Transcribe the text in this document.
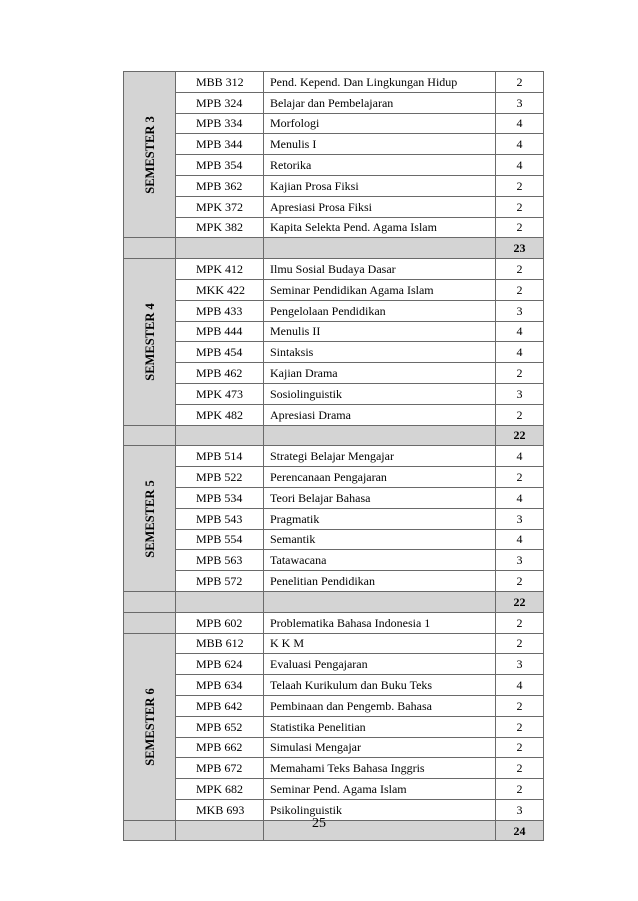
SEMESTER 3	MBB 312	Pend. Kepend. Dan Lingkungan Hidup	2
	MPB 324	Belajar dan Pembelajaran	3
	MPB 334	Morfologi	4
	MPB 344	Menulis I	4
	MPB 354	Retorika	4
	MPB 362	Kajian Prosa Fiksi	2
	MPK 372	Apresiasi Prosa Fiksi	2
	MPK 382	Kapita Selekta Pend. Agama Islam	2
			23

SEMESTER 4	MPK 412	Ilmu Sosial Budaya Dasar	2
	MKK 422	Seminar Pendidikan Agama Islam	2
	MPB 433	Pengelolaan Pendidikan	3
	MPB 444	Menulis II	4
	MPB 454	Sintaksis	4
	MPB 462	Kajian Drama	2
	MPK 473	Sosiolinguistik	3
	MPK 482	Apresiasi Drama	2
			22

SEMESTER 5	MPB 514	Strategi Belajar Mengajar	4
	MPB 522	Perencanaan Pengajaran	2
	MPB 534	Teori Belajar Bahasa	4
	MPB 543	Pragmatik	3
	MPB 554	Semantik	4
	MPB 563	Tatawacana	3
	MPB 572	Penelitian Pendidikan	2
			22
	MPB 602	Problematika Bahasa Indonesia 1	2

SEMESTER 6	MBB 612	K K M	2
	MPB 624	Evaluasi Pengajaran	3
	MPB 634	Telaah Kurikulum dan Buku Teks	4
	MPB 642	Pembinaan dan Pengemb. Bahasa	2
	MPB 652	Statistika Penelitian	2
	MPB 662	Simulasi Mengajar	2
	MPB 672	Memahami Teks Bahasa Inggris	2
	MPK 682	Seminar Pend. Agama Islam	2
	MKB 693	Psikolinguistik	3
			24
25
